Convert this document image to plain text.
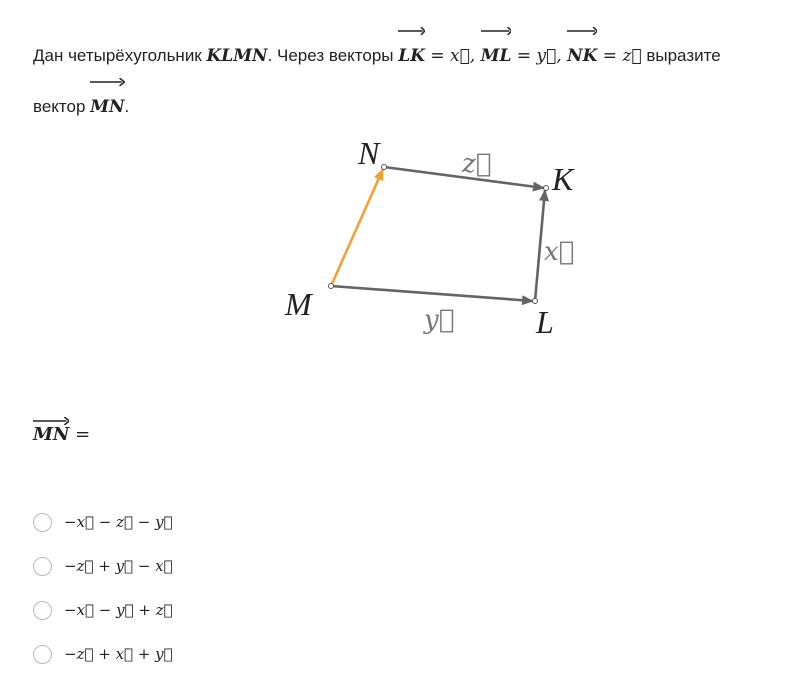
Дан четырёхугольник KLMN. Через векторы
LK = x⃗,
ML = y⃗,
NK = z⃗ выразите
вектор
MN.
N
K
M	L
z⃗
x⃗
y⃗
MN =
−x⃗ − z⃗ − y⃗
−z⃗ + y⃗ − x⃗
−x⃗ − y⃗ + z⃗
−z⃗ + x⃗ + y⃗
